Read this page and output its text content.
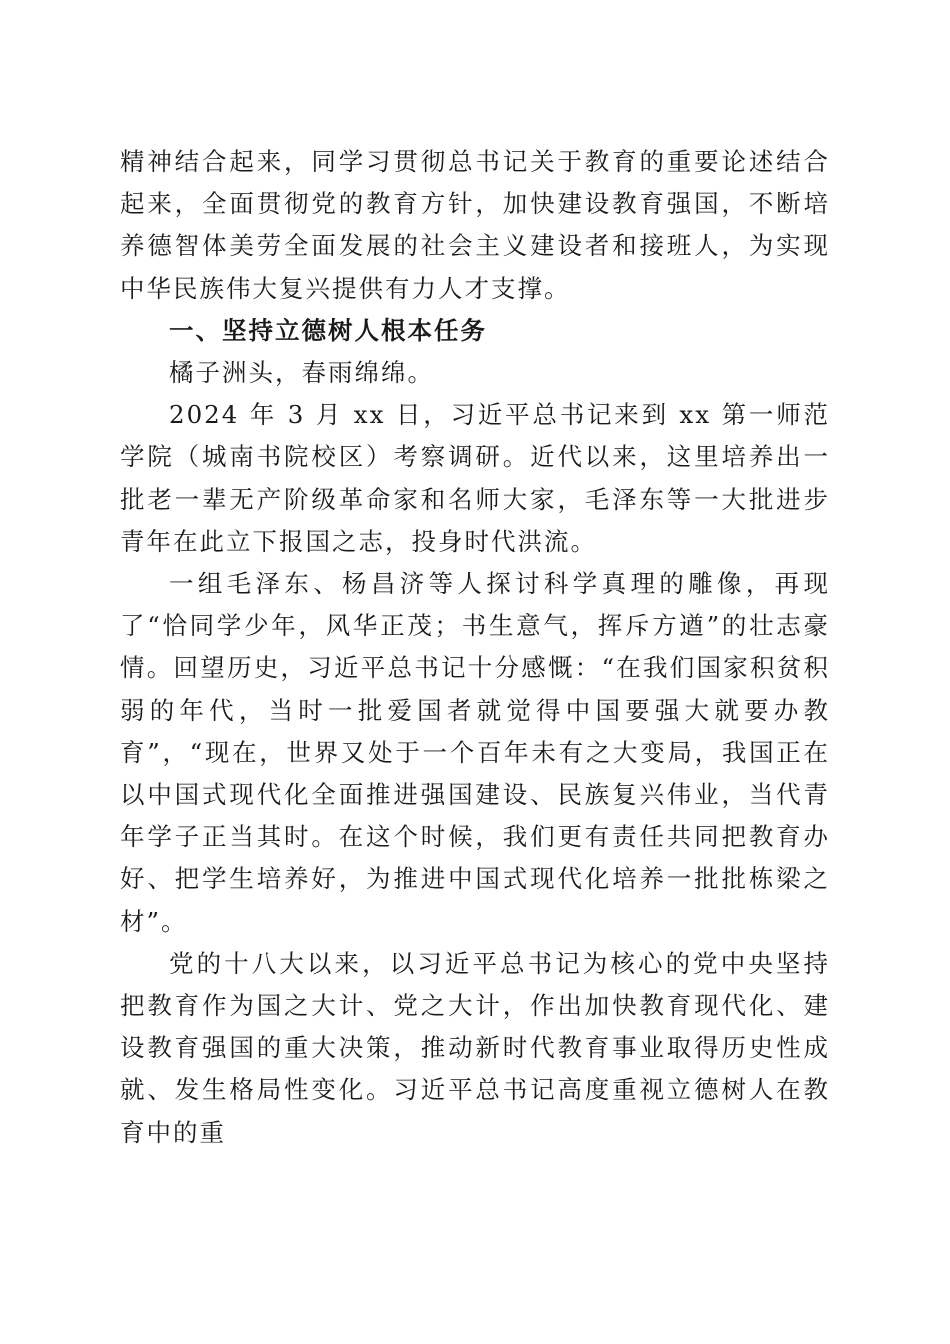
精神结合起来，同学习贯彻总书记关于教育的重要论述结合起来，全面贯彻党的教育方针，加快建设教育强国，不断培养德智体美劳全面发展的社会主义建设者和接班人，为实现中华民族伟大复兴提供有力人才支撑。

一、坚持立德树人根本任务

橘子洲头，春雨绵绵。

2024 年 3 月 xx 日，习近平总书记来到 xx 第一师范学院（城南书院校区）考察调研。近代以来，这里培养出一批老一辈无产阶级革命家和名师大家，毛泽东等一大批进步青年在此立下报国之志，投身时代洪流。

一组毛泽东、杨昌济等人探讨科学真理的雕像，再现了“恰同学少年，风华正茂；书生意气，挥斥方遒”的壮志豪情。回望历史，习近平总书记十分感慨：“在我们国家积贫积弱的年代，当时一批爱国者就觉得中国要强大就要办教育”，“现在，世界又处于一个百年未有之大变局，我国正在以中国式现代化全面推进强国建设、民族复兴伟业，当代青年学子正当其时。在这个时候，我们更有责任共同把教育办好、把学生培养好，为推进中国式现代化培养一批批栋梁之材”。

党的十八大以来，以习近平总书记为核心的党中央坚持把教育作为国之大计、党之大计，作出加快教育现代化、建设教育强国的重大决策，推动新时代教育事业取得历史性成就、发生格局性变化。习近平总书记高度重视立德树人在教育中的重
